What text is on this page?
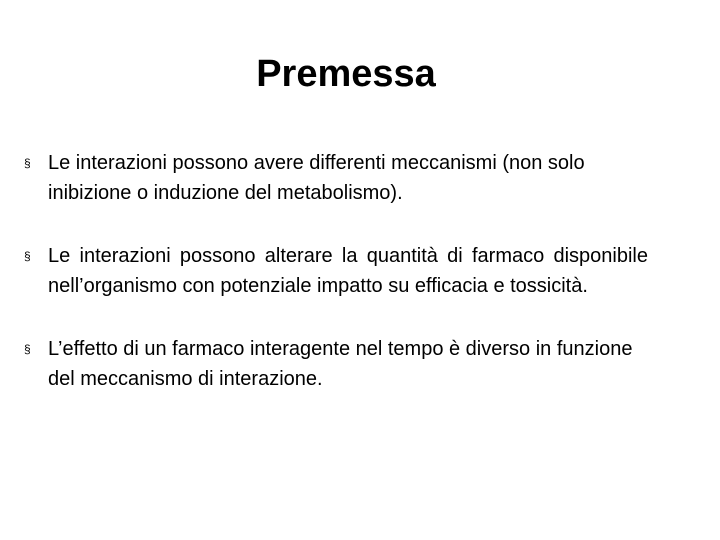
Premessa
§ Le interazioni possono avere differenti meccanismi (non solo inibizione o induzione del metabolismo).
§ Le interazioni possono alterare la quantità di farmaco disponibile nell’organismo con potenziale impatto su efficacia e tossicità.
§ L’effetto di un farmaco interagente nel tempo è diverso in funzione del meccanismo di interazione.
